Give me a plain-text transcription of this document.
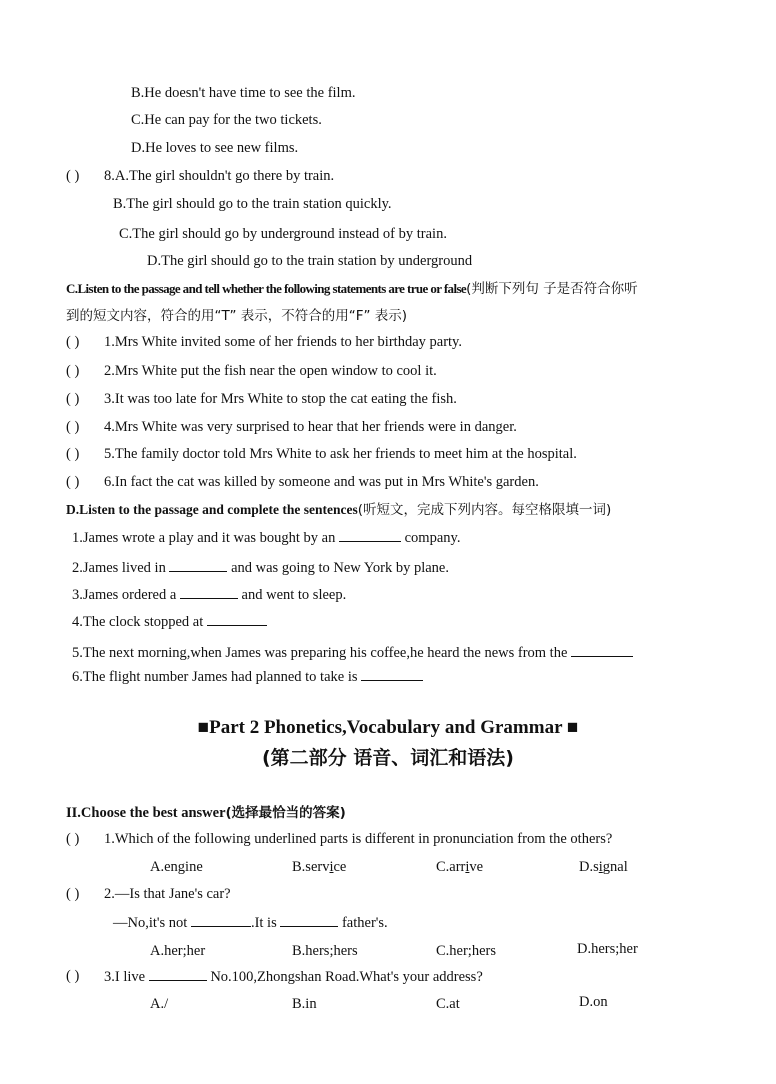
B.He doesn't have time to see the film.
C.He can pay for the two tickets.
D.He loves to see new films.
( ) 8.A.The girl shouldn't go there by train.
B.The girl should go to the train station quickly.
C.The girl should go by underground instead of by train.
D.The girl should go to the train station by underground
C.Listen to the passage and tell whether the following statements are true or false(判断下列句 子是否符合你听
到的短文内容，符合的用“T” 表示，不符合的用“F” 表示)
( ) 1.Mrs White invited some of her friends to her birthday party.
( ) 2.Mrs White put the fish near the open window to cool it.
( ) 3.It was too late for Mrs White to stop the cat eating the fish.
( ) 4.Mrs White was very surprised to hear that her friends were in danger.
( ) 5.The family doctor told Mrs White to ask her friends to meet him at the hospital.
( ) 6.In fact the cat was killed by someone and was put in Mrs White's garden.
D.Listen to the passage and complete the sentences(听短文，完成下列内容。每空格限填一词)
1.James wrote a play and it was bought by an	company.
2.James lived in	and was going to New York by plane.
3.James ordered a	and went to sleep.
4.The clock stopped at
5.The next morning,when James was preparing his coffee,he heard the news from the
6.The flight number James had planned to take is
■Part 2 Phonetics,Vocabulary and Grammar ■
(第二部分 语音、词汇和语法)
II.Choose the best answer(选择最恰当的答案)
( ) 1.Which of the following underlined parts is different in pronunciation from the others?
A.engine	B.service	C.arrive	D.signal
( ) 2.—Is that Jane's car?
—No,it's not	.It is	father's.
A.her;her	B.hers;hers	C.her;hers	D.hers;her
( ) 3.I live	No.100,Zhongshan Road.What's your address?
A./	B.in	C.at	D.on
